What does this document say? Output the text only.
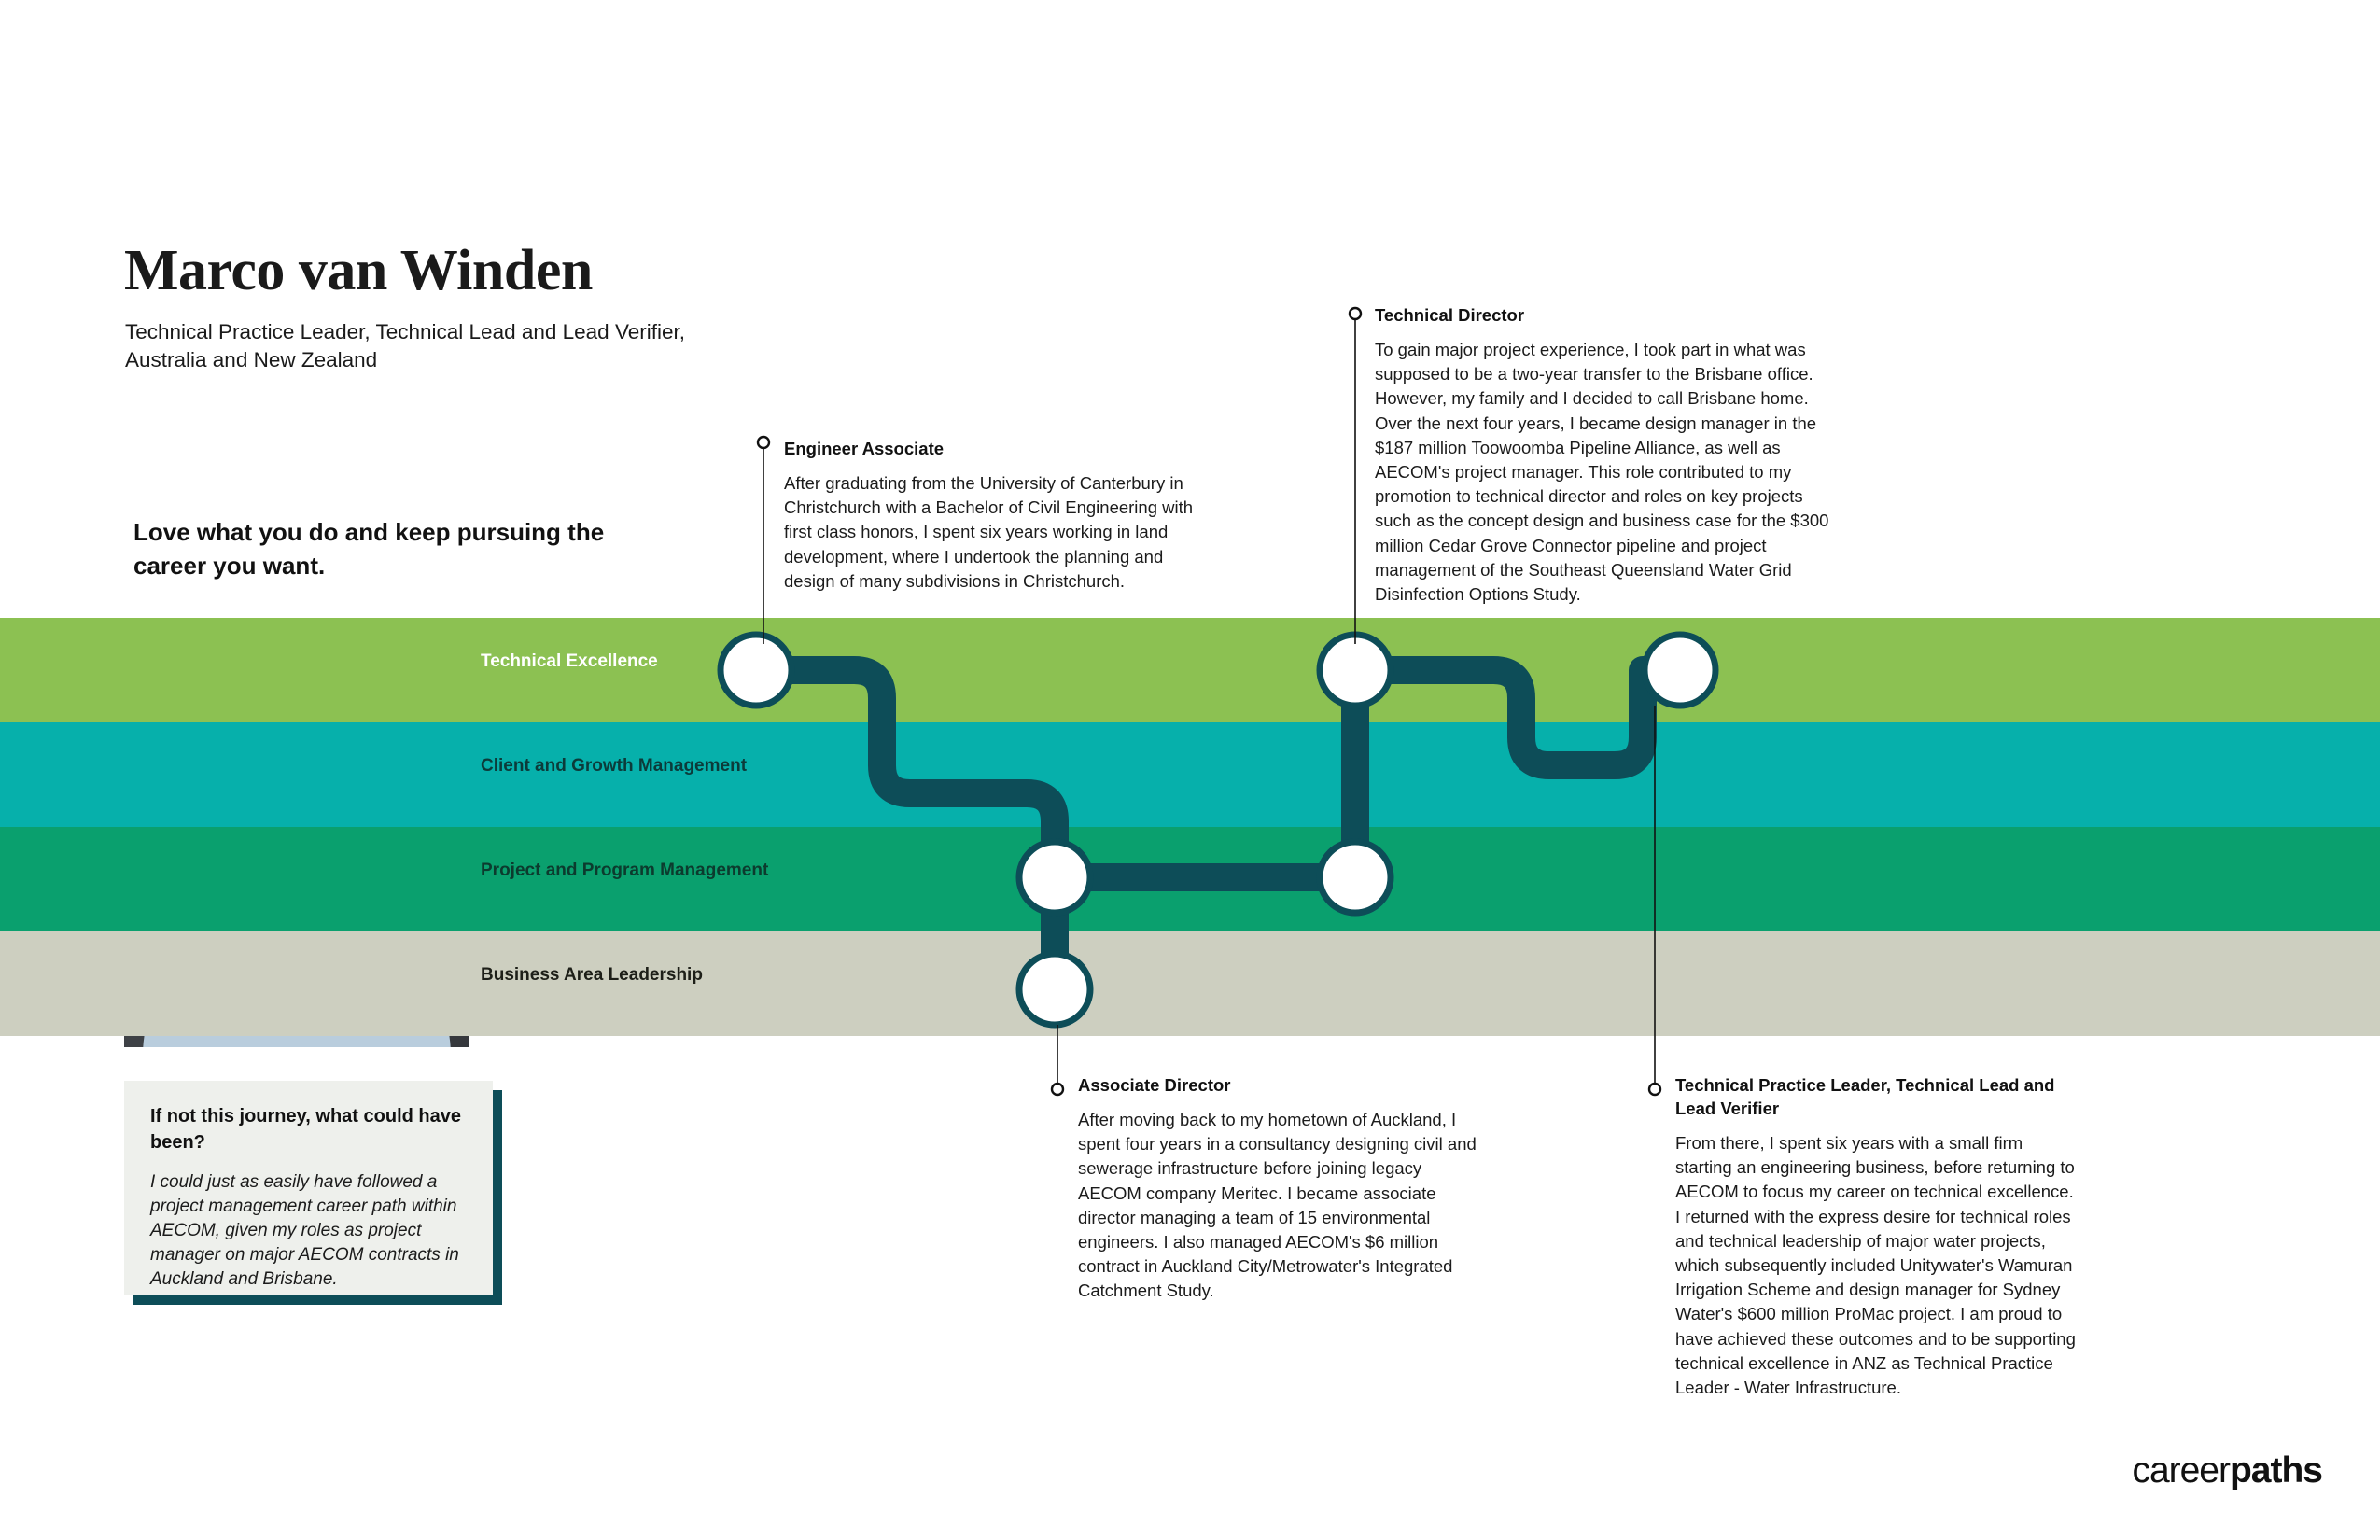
Marco van Winden
Technical Practice Leader, Technical Lead and Lead Verifier, Australia and New Zealand
Love what you do and keep pursuing the career you want.
Technical Excellence
Client and Growth Management
Project and Program Management
Business Area Leadership
Engineer Associate
After graduating from the University of Canterbury in Christchurch with a Bachelor of Civil Engineering with first class honors, I spent six years working in land development, where I undertook the planning and design of many subdivisions in Christchurch.
Technical Director
To gain major project experience, I took part in what was supposed to be a two-year transfer to the Brisbane office. However, my family and I decided to call Brisbane home. Over the next four years, I became design manager in the $187 million Toowoomba Pipeline Alliance, as well as AECOM's project manager. This role contributed to my promotion to technical director and roles on key projects such as the concept design and business case for the $300 million Cedar Grove Connector pipeline and project management of the Southeast Queensland Water Grid Disinfection Options Study.
Associate Director
After moving back to my hometown of Auckland, I spent four years in a consultancy designing civil and sewerage infrastructure before joining legacy AECOM company Meritec. I became associate director managing a team of 15 environmental engineers. I also managed AECOM's $6 million contract in Auckland City/Metrowater's Integrated Catchment Study.
Technical Practice Leader, Technical Lead and Lead Verifier
From there, I spent six years with a small firm starting an engineering business, before returning to AECOM to focus my career on technical excellence. I returned with the express desire for technical roles and technical leadership of major water projects, which subsequently included Unitywater's Wamuran Irrigation Scheme and design manager for Sydney Water's $600 million ProMac project. I am proud to have achieved these outcomes and to be supporting technical excellence in ANZ as Technical Practice Leader - Water Infrastructure.
If not this journey, what could have been?
I could just as easily have followed a project management career path within AECOM, given my roles as project manager on major AECOM contracts in Auckland and Brisbane.
careerpaths
